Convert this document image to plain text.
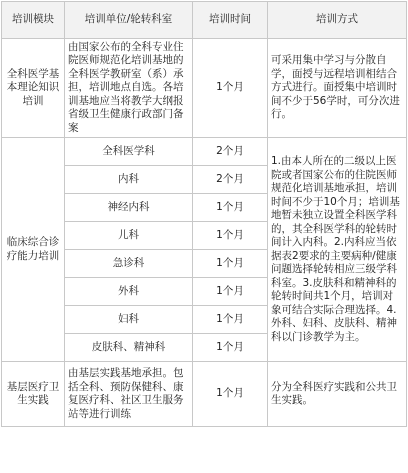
培训模块	培训单位/轮转科室	培训时间	培训方式
全科医学基本理论知识培训	由国家公布的全科专业住院医师规范化培训基地的全科医学教研室（系）承担，培训地点自选。各培训基地应当将教学大纲报省级卫生健康行政部门备案	1个月	可采用集中学习与分散自学，面授与远程培训相结合方式进行。面授集中培训时间不少于56学时，可分次进行。
临床综合诊疗能力培训	全科医学科	2个月	1.由本人所在的二级以上医院或者国家公布的住院医师规范化培训基地承担，培训时间不少于10个月；培训基地暂未独立设置全科医学科的，其全科医学科的轮转时间计入内科。2.内科应当依据表2要求的主要病种/健康问题选择轮转相应三级学科科室。3.皮肤科和精神科的轮转时间共1个月，培训对象可结合实际合理选择。4.外科、妇科、皮肤科、精神科以门诊教学为主。
	内科	2个月	
	神经内科	1个月	
	儿科	1个月	
	急诊科	1个月	
	外科	1个月	
	妇科	1个月	
	皮肤科、精神科	1个月	
基层医疗卫生实践	由基层实践基地承担。包括全科、预防保健科、康复医疗科、社区卫生服务站等进行训练	1个月	分为全科医疗实践和公共卫生实践。
